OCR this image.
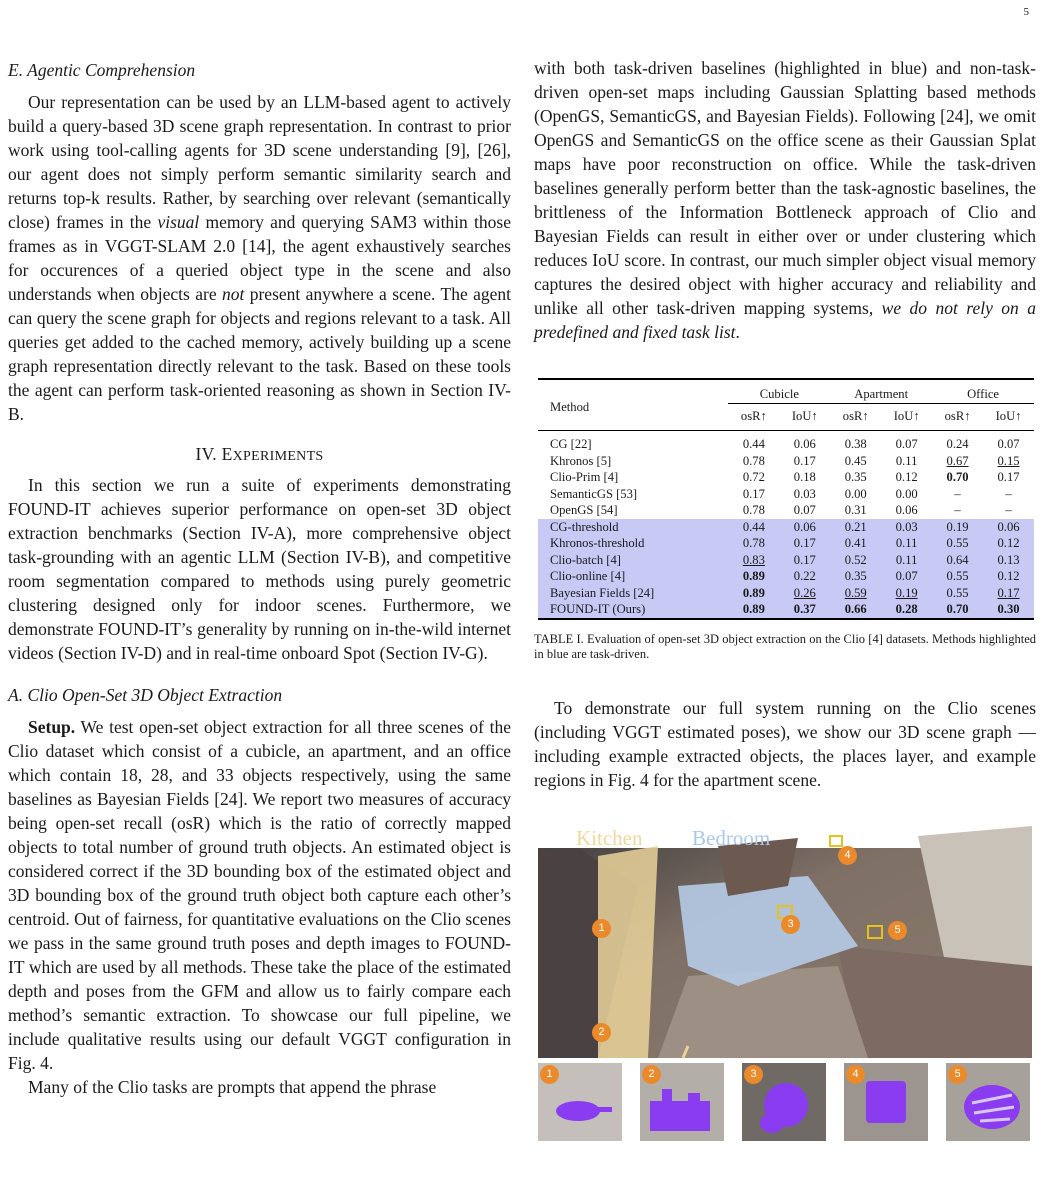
5
E. Agentic Comprehension

Our representation can be used by an LLM-based agent to actively build a query-based 3D scene graph representation. In contrast to prior work using tool-calling agents for 3D scene understanding [9], [26], our agent does not simply perform semantic similarity search and returns top-k results. Rather, by searching over relevant (semantically close) frames in the visual memory and querying SAM3 within those frames as in VGGT-SLAM 2.0 [14], the agent exhaustively searches for occurences of a queried object type in the scene and also understands when objects are not present anywhere a scene. The agent can query the scene graph for objects and regions relevant to a task. All queries get added to the cached memory, actively building up a scene graph representation directly relevant to the task. Based on these tools the agent can perform task-oriented reasoning as shown in Section IV-B.

IV. EXPERIMENTS

In this section we run a suite of experiments demonstrating FOUND-IT achieves superior performance on open-set 3D object extraction benchmarks (Section IV-A), more comprehensive object task-grounding with an agentic LLM (Section IV-B), and competitive room segmentation compared to methods using purely geometric clustering designed only for indoor scenes. Furthermore, we demonstrate FOUND-IT’s generality by running on in-the-wild internet videos (Section IV-D) and in real-time onboard Spot (Section IV-G).

A. Clio Open-Set 3D Object Extraction

Setup. We test open-set object extraction for all three scenes of the Clio dataset which consist of a cubicle, an apartment, and an office which contain 18, 28, and 33 objects respectively, using the same baselines as Bayesian Fields [24]. We report two measures of accuracy being open-set recall (osR) which is the ratio of correctly mapped objects to total number of ground truth objects. An estimated object is considered correct if the 3D bounding box of the estimated object and 3D bounding box of the ground truth object both capture each other’s centroid. Out of fairness, for quantitative evaluations on the Clio scenes we pass in the same ground truth poses and depth images to FOUND-IT which are used by all methods. These take the place of the estimated depth and poses from the GFM and allow us to fairly compare each method’s semantic extraction. To showcase our full pipeline, we include qualitative results using our default VGGT configuration in Fig. 4.

Many of the Clio tasks are prompts that append the phrase

with both task-driven baselines (highlighted in blue) and non-task-driven open-set maps including Gaussian Splatting based methods (OpenGS, SemanticGS, and Bayesian Fields). Following [24], we omit OpenGS and SemanticGS on the office scene as their Gaussian Splat maps have poor reconstruction on office. While the task-driven baselines generally perform better than the task-agnostic baselines, the brittleness of the Information Bottleneck approach of Clio and Bayesian Fields can result in either over or under clustering which reduces IoU score. In contrast, our much simpler object visual memory captures the desired object with higher accuracy and reliability and unlike all other task-driven mapping systems, we do not rely on a predefined and fixed task list.

Method	Cubicle		Apartment		Office	
	osR↑	IoU↑	osR↑	IoU↑	osR↑	IoU↑
CG [22]	0.44	0.06	0.38	0.07	0.24	0.07
Khronos [5]	0.78	0.17	0.45	0.11	0.67	0.15
Clio-Prim [4]	0.72	0.18	0.35	0.12	0.70	0.17
SemanticGS [53]	0.17	0.03	0.00	0.00	–	–
OpenGS [54]	0.78	0.07	0.31	0.06	–	–
CG-threshold	0.44	0.06	0.21	0.03	0.19	0.06
Khronos-threshold	0.78	0.17	0.41	0.11	0.55	0.12
Clio-batch [4]	0.83	0.17	0.52	0.11	0.64	0.13
Clio-online [4]	0.89	0.22	0.35	0.07	0.55	0.12
Bayesian Fields [24]	0.89	0.26	0.59	0.19	0.55	0.17
FOUND-IT (Ours)	0.89	0.37	0.66	0.28	0.70	0.30

TABLE I. Evaluation of open-set 3D object extraction on the Clio [4] datasets. Methods highlighted in blue are task-driven.

To demonstrate our full system running on the Clio scenes (including VGGT estimated poses), we show our 3D scene graph — including example extracted objects, the places layer, and example regions in Fig. 4 for the apartment scene.

Kitchen Bedroom
1
2
3
4
5
1	2	3	4	5
